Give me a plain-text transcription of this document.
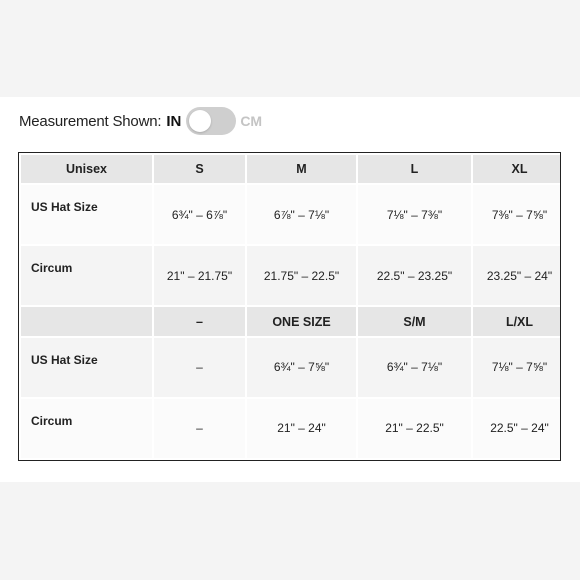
Measurement Shown: IN	CM
Unisex	S	M	L	XL
US Hat Size	6¾" – 6⅞"	6⅞" – 7⅛"	7⅛" – 7⅜"	7⅜" – 7⅝"
Circum	21" – 21.75"	21.75" – 22.5"	22.5" – 23.25"	23.25" – 24"
	–	ONE SIZE	S/M	L/XL
US Hat Size	–	6¾" – 7⅝"	6¾" – 7⅛"	7⅛" – 7⅝"
Circum	–	21" – 24"	21" – 22.5"	22.5" – 24"
